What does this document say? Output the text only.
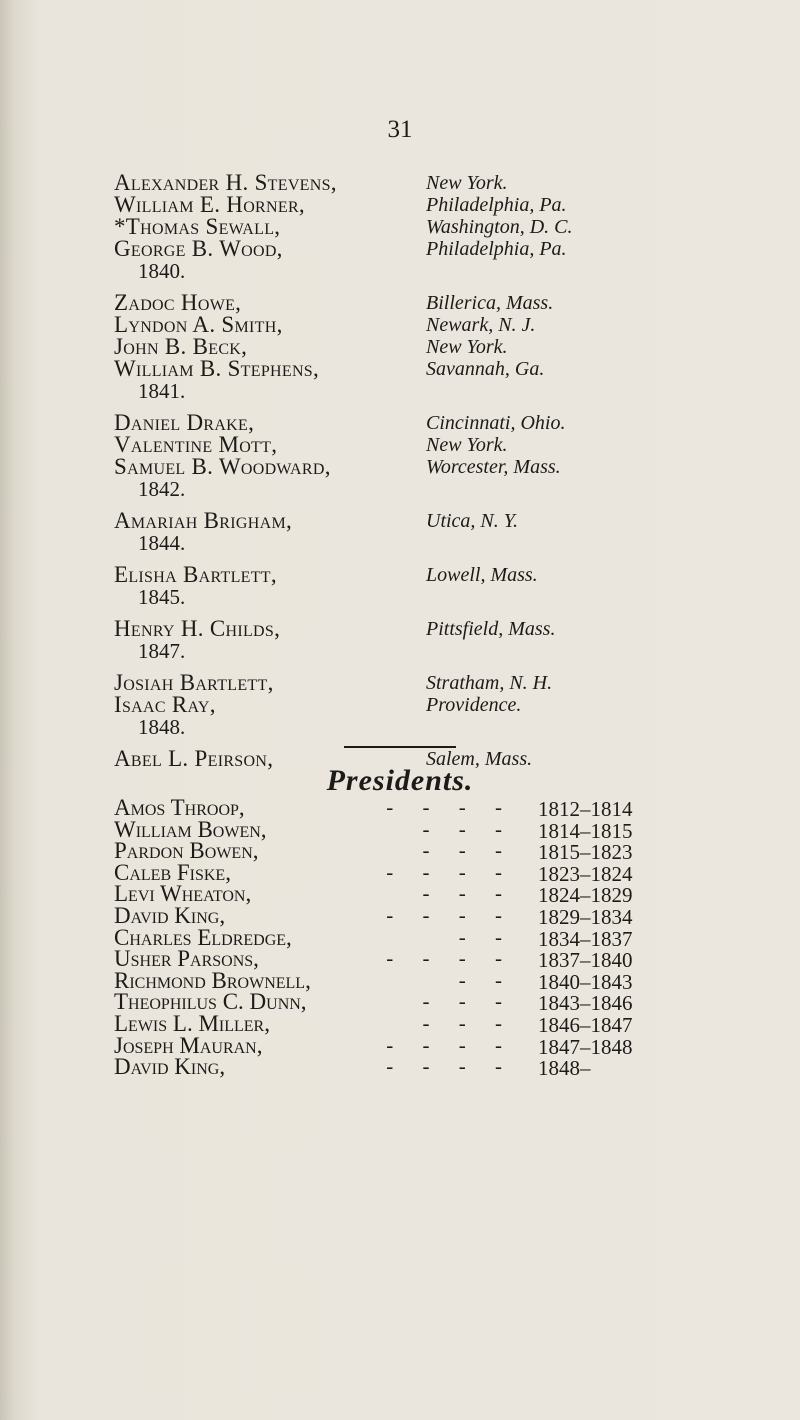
31
Alexander H. Stevens,	New York.
William E. Horner,	Philadelphia, Pa.
*Thomas Sewall,	Washington, D. C.
George B. Wood,	Philadelphia, Pa.
1840.
Zadoc Howe,	Billerica, Mass.
Lyndon A. Smith,	Newark, N. J.
John B. Beck,	New York.
William B. Stephens,	Savannah, Ga.
1841.
Daniel Drake,	Cincinnati, Ohio.
Valentine Mott,	New York.
Samuel B. Woodward,	Worcester, Mass.
1842.
Amariah Brigham,	Utica, N. Y.
1844.
Elisha Bartlett,	Lowell, Mass.
1845.
Henry H. Childs,	Pittsfield, Mass.
1847.
Josiah Bartlett,	Stratham, N. H.
Isaac Ray,	Providence.
1848.
Abel L. Peirson,	Salem, Mass.
Presidents.
Amos Throop,	- - - - 1812–1814
William Bowen,	- - - 1814–1815
Pardon Bowen,	- - - 1815–1823
Caleb Fiske,	- - - - 1823–1824
Levi Wheaton,	- - - 1824–1829
David King,	- - - - 1829–1834
Charles Eldredge,	- - 1834–1837
Usher Parsons,	- - - - 1837–1840
Richmond Brownell,	- - 1840–1843
Theophilus C. Dunn,	- - - 1843–1846
Lewis L. Miller,	- - - 1846–1847
Joseph Mauran,	- - - - 1847–1848
David King,	- - - - 1848–
